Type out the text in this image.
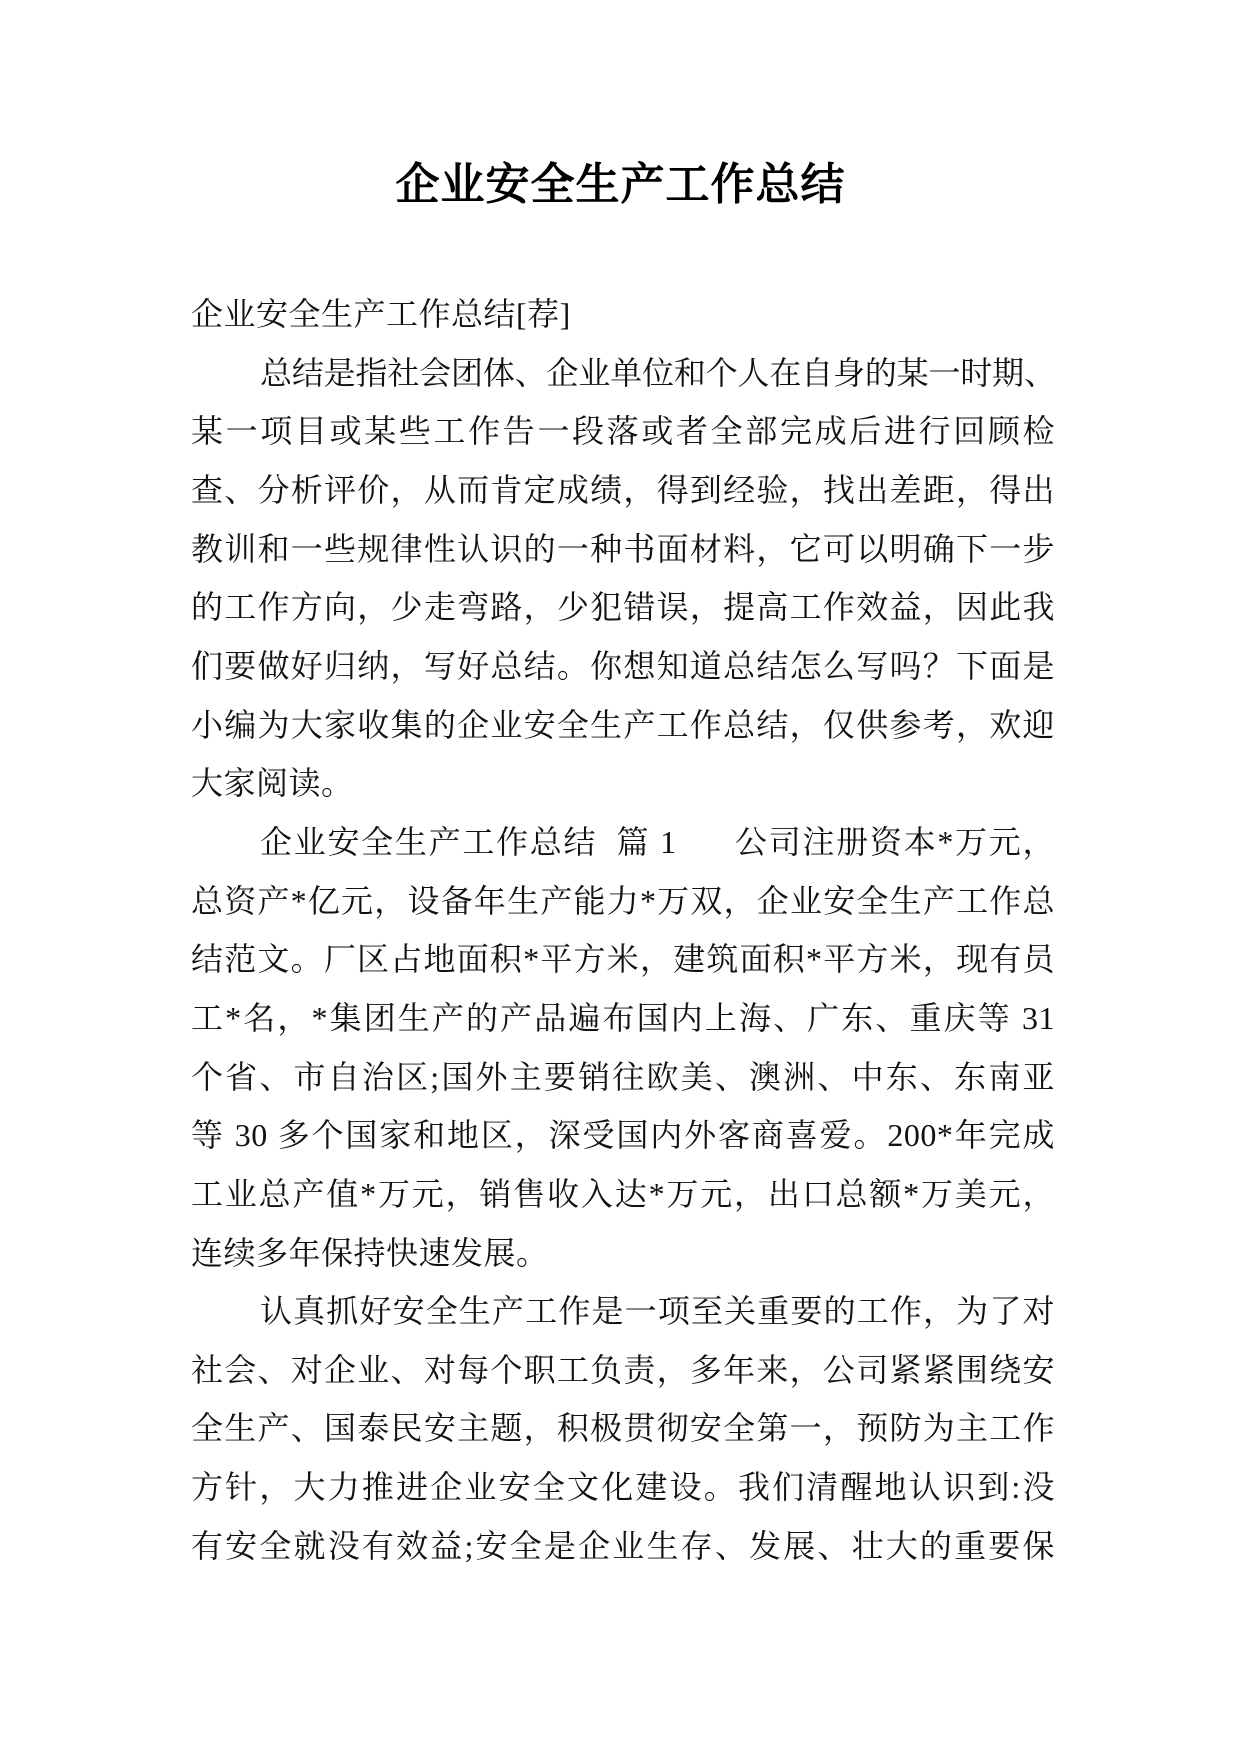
企业安全生产工作总结
企业安全生产工作总结[荐]
总结是指社会团体、企业单位和个人在自身的某一时期、
某一项目或某些工作告一段落或者全部完成后进行回顾检
查、分析评价，从而肯定成绩，得到经验，找出差距，得出
教训和一些规律性认识的一种书面材料，它可以明确下一步
的工作方向，少走弯路，少犯错误，提高工作效益，因此我
们要做好归纳，写好总结。你想知道总结怎么写吗？下面是
小编为大家收集的企业安全生产工作总结，仅供参考，欢迎
大家阅读。
企业安全生产工作总结  篇 1      公司注册资本*万元，
总资产*亿元，设备年生产能力*万双，企业安全生产工作总
结范文。厂区占地面积*平方米，建筑面积*平方米，现有员
工*名，*集团生产的产品遍布国内上海、广东、重庆等 31
个省、市自治区;国外主要销往欧美、澳洲、中东、东南亚
等 30 多个国家和地区，深受国内外客商喜爱。200*年完成
工业总产值*万元，销售收入达*万元，出口总额*万美元，
连续多年保持快速发展。
认真抓好安全生产工作是一项至关重要的工作，为了对
社会、对企业、对每个职工负责，多年来，公司紧紧围绕安
全生产、国泰民安主题，积极贯彻安全第一，预防为主工作
方针，大力推进企业安全文化建设。我们清醒地认识到:没
有安全就没有效益;安全是企业生存、发展、壮大的重要保
